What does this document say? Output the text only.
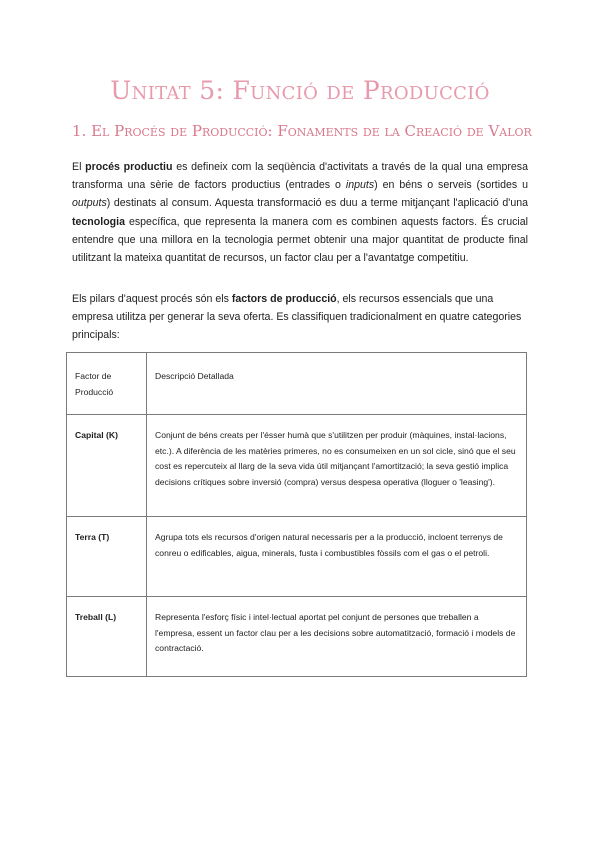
Unitat 5: Funció de Producció
1. El Procés de Producció: Fonaments de la Creació de Valor

El procés productiu es defineix com la seqüència d'activitats a través de la qual una empresa transforma una sèrie de factors productius (entrades o inputs) en béns o serveis (sortides u outputs) destinats al consum. Aquesta transformació es duu a terme mitjançant l'aplicació d'una tecnologia específica, que representa la manera com es combinen aquests factors. És crucial entendre que una millora en la tecnologia permet obtenir una major quantitat de producte final utilitzant la mateixa quantitat de recursos, un factor clau per a l'avantatge competitiu.

Els pilars d'aquest procés són els factors de producció, els recursos essencials que una empresa utilitza per generar la seva oferta. Es classifiquen tradicionalment en quatre categories principals:

Factor de Producció	Descripció Detallada
Capital (K)	Conjunt de béns creats per l'ésser humà que s'utilitzen per produir (màquines, instal·lacions, etc.). A diferència de les matèries primeres, no es consumeixen en un sol cicle, sinó que el seu cost es repercuteix al llarg de la seva vida útil mitjançant l'amortització; la seva gestió implica decisions crítiques sobre inversió (compra) versus despesa operativa (lloguer o 'leasing').
Terra (T)	Agrupa tots els recursos d'origen natural necessaris per a la producció, incloent terrenys de conreu o edificables, aigua, minerals, fusta i combustibles fòssils com el gas o el petroli.
Treball (L)	Representa l'esforç físic i intel·lectual aportat pel conjunt de persones que treballen a l'empresa, essent un factor clau per a les decisions sobre automatització, formació i models de contractació.
